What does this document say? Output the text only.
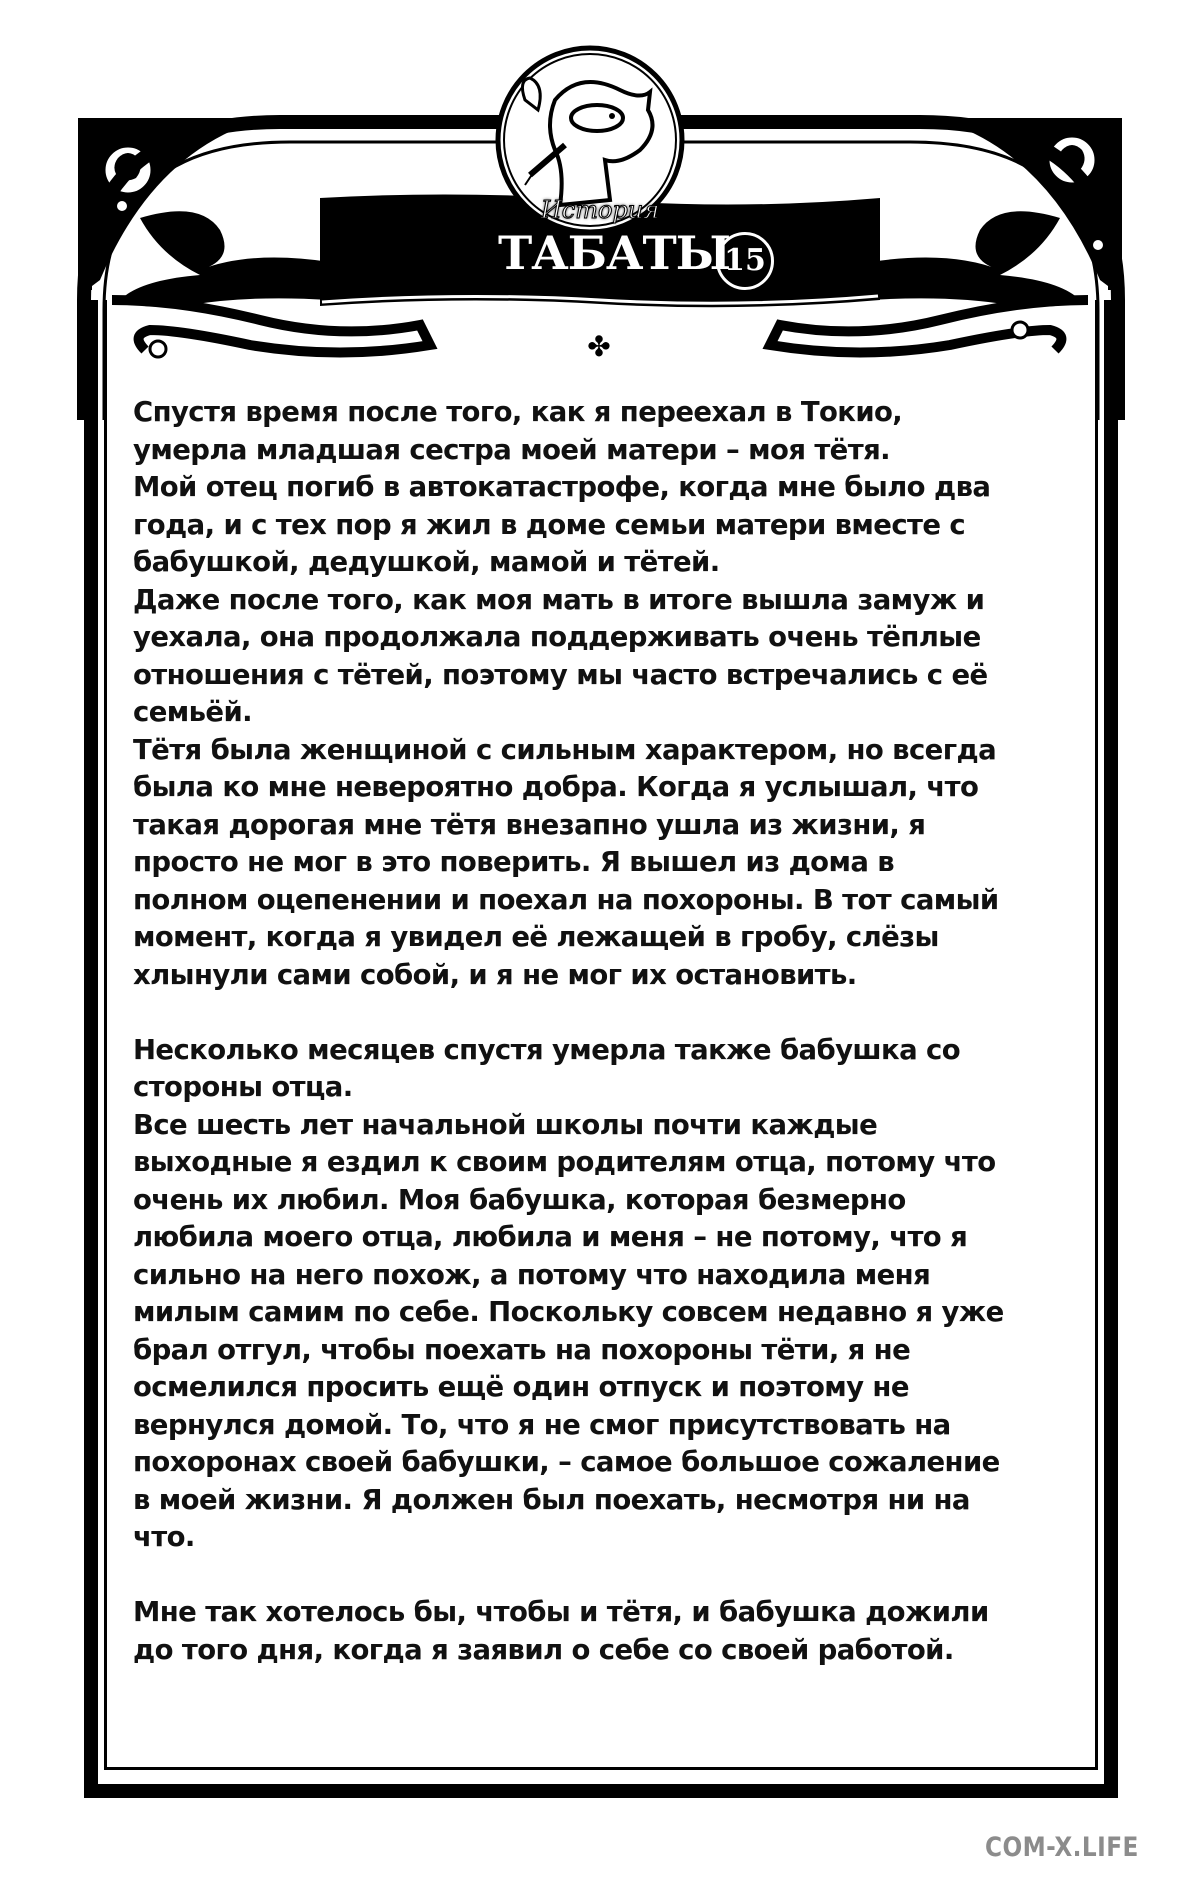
История
ТАБАТЫ
15
✤
Спустя время после того, как я переехал в Токио,
умерла младшая сестра моей матери – моя тётя.
Мой отец погиб в автокатастрофе, когда мне было два
года, и с тех пор я жил в доме семьи матери вместе с
бабушкой, дедушкой, мамой и тётей.
Даже после того, как моя мать в итоге вышла замуж и
уехала, она продолжала поддерживать очень тёплые
отношения с тётей, поэтому мы часто встречались с её
семьёй.
Тётя была женщиной с сильным характером, но всегда
была ко мне невероятно добра. Когда я услышал, что
такая дорогая мне тётя внезапно ушла из жизни, я
просто не мог в это поверить. Я вышел из дома в
полном оцепенении и поехал на похороны. В тот самый
момент, когда я увидел её лежащей в гробу, слёзы
хлынули сами собой, и я не мог их остановить.
Несколько месяцев спустя умерла также бабушка со
стороны отца.
Все шесть лет начальной школы почти каждые
выходные я ездил к своим родителям отца, потому что
очень их любил. Моя бабушка, которая безмерно
любила моего отца, любила и меня – не потому, что я
сильно на него похож, а потому что находила меня
милым самим по себе. Поскольку совсем недавно я уже
брал отгул, чтобы поехать на похороны тёти, я не
осмелился просить ещё один отпуск и поэтому не
вернулся домой. То, что я не смог присутствовать на
похоронах своей бабушки, – самое большое сожаление
в моей жизни. Я должен был поехать, несмотря ни на
что.
Мне так хотелось бы, чтобы и тётя, и бабушка дожили
до того дня, когда я заявил о себе со своей работой.
COM-X.LIFE
